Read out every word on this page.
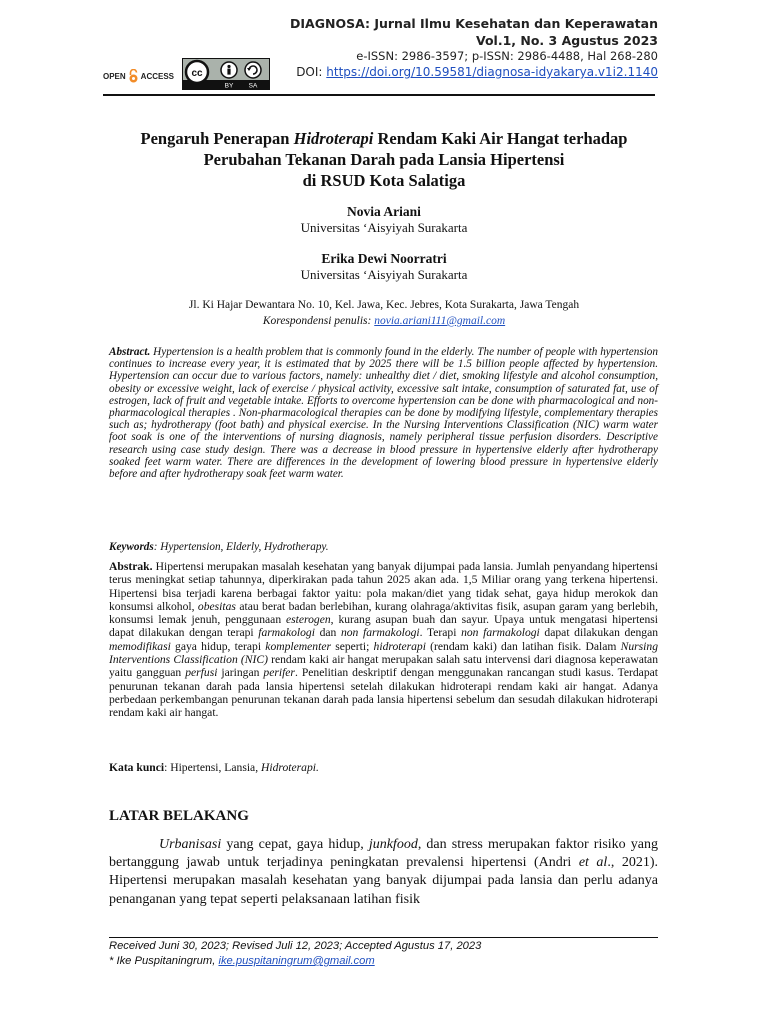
DIAGNOSA: Jurnal Ilmu Kesehatan dan Keperawatan
Vol.1, No. 3 Agustus 2023
e-ISSN: 2986-3597; p-ISSN: 2986-4488, Hal 268-280
DOI: https://doi.org/10.59581/diagnosa-idyakarya.v1i2.1140
OPEN ACCESS cc
BY SA
Pengaruh Penerapan Hidroterapi Rendam Kaki Air Hangat terhadap
Perubahan Tekanan Darah pada Lansia Hipertensi
di RSUD Kota Salatiga
Novia Ariani
Universitas ‘Aisyiyah Surakarta
Erika Dewi Noorratri
Universitas ‘Aisyiyah Surakarta
Jl. Ki Hajar Dewantara No. 10, Kel. Jawa, Kec. Jebres, Kota Surakarta, Jawa Tengah
Korespondensi penulis: novia.ariani111@gmail.com
Abstract. Hypertension is a health problem that is commonly found in the elderly. The number of people with hypertension continues to increase every year, it is estimated that by 2025 there will be 1.5 billion people affected by hypertension. Hypertension can occur due to various factors, namely: unhealthy diet / diet, smoking lifestyle and alcohol consumption, obesity or excessive weight, lack of exercise / physical activity, excessive salt intake, consumption of saturated fat, use of estrogen, lack of fruit and vegetable intake. Efforts to overcome hypertension can be done with pharmacological and non-pharmacological therapies . Non-pharmacological therapies can be done by modifying lifestyle, complementary therapies such as; hydrotherapy (foot bath) and physical exercise. In the Nursing Interventions Classification (NIC) warm water foot soak is one of the interventions of nursing diagnosis, namely peripheral tissue perfusion disorders. Descriptive research using case study design. There was a decrease in blood pressure in hypertensive elderly after hydrotherapy soaked feet warm water. There are differences in the development of lowering blood pressure in hypertensive elderly before and after hydrotherapy soak feet warm water.
Keywords: Hypertension, Elderly, Hydrotherapy.
Abstrak. Hipertensi merupakan masalah kesehatan yang banyak dijumpai pada lansia. Jumlah penyandang hipertensi terus meningkat setiap tahunnya, diperkirakan pada tahun 2025 akan ada. 1,5 Miliar orang yang terkena hipertensi. Hipertensi bisa terjadi karena berbagai faktor yaitu: pola makan/diet yang tidak sehat, gaya hidup merokok dan konsumsi alkohol, obesitas atau berat badan berlebihan, kurang olahraga/aktivitas fisik, asupan garam yang berlebih, konsumsi lemak jenuh, penggunaan esterogen, kurang asupan buah dan sayur. Upaya untuk mengatasi hipertensi dapat dilakukan dengan terapi farmakologi dan non farmakologi. Terapi non farmakologi dapat dilakukan dengan memodifikasi gaya hidup, terapi komplementer seperti; hidroterapi (rendam kaki) dan latihan fisik. Dalam Nursing Interventions Classification (NIC) rendam kaki air hangat merupakan salah satu intervensi dari diagnosa keperawatan yaitu gangguan perfusi jaringan perifer. Penelitian deskriptif dengan menggunakan rancangan studi kasus. Terdapat penurunan tekanan darah pada lansia hipertensi setelah dilakukan hidroterapi rendam kaki air hangat. Adanya perbedaan perkembangan penurunan tekanan darah pada lansia hipertensi sebelum dan sesudah dilakukan hidroterapi rendam kaki air hangat.
Kata kunci: Hipertensi, Lansia, Hidroterapi.
LATAR BELAKANG
Urbanisasi yang cepat, gaya hidup, junkfood, dan stress merupakan faktor risiko yang bertanggung jawab untuk terjadinya peningkatan prevalensi hipertensi (Andri et al., 2021). Hipertensi merupakan masalah kesehatan yang banyak dijumpai pada lansia dan perlu adanya penanganan yang tepat seperti pelaksanaan latihan fisik
Received Juni 30, 2023; Revised Juli 12, 2023; Accepted Agustus 17, 2023
* Ike Puspitaningrum, ike.puspitaningrum@gmail.com
